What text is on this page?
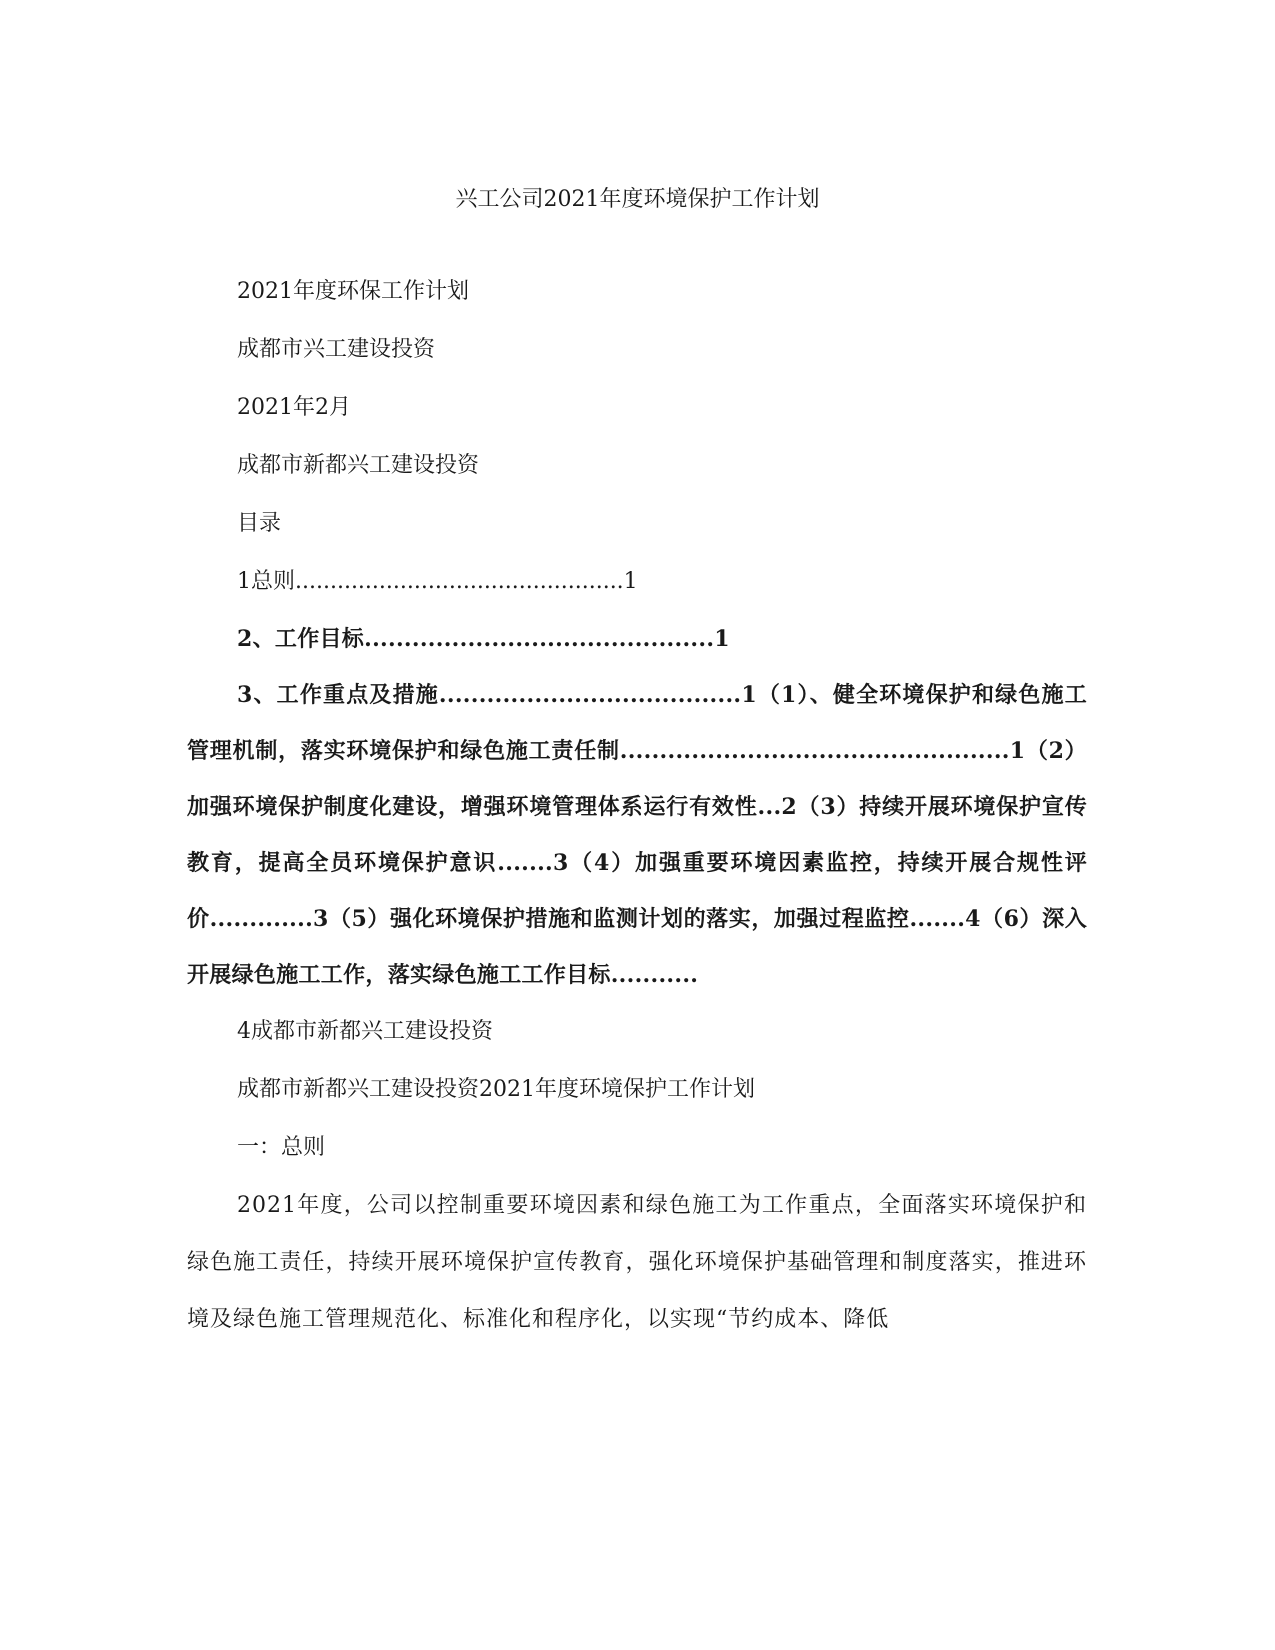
兴工公司2021年度环境保护工作计划

2021年度环保工作计划

成都市兴工建设投资

2021年2月

成都市新都兴工建设投资

目录

1总则...............................................1

2、工作目标............................................1

3、工作重点及措施......................................1（1）、健全环境保护和绿色施工管理机制，落实环境保护和绿色施工责任制.................................................1（2）加强环境保护制度化建设，增强环境管理体系运行有效性...2（3）持续开展环境保护宣传教育，提高全员环境保护意识.......3（4）加强重要环境因素监控，持续开展合规性评价.............3（5）强化环境保护措施和监测计划的落实，加强过程监控.......4（6）深入开展绿色施工工作，落实绿色施工工作目标...........

4成都市新都兴工建设投资

成都市新都兴工建设投资2021年度环境保护工作计划

一：总则

2021年度，公司以控制重要环境因素和绿色施工为工作重点，全面落实环境保护和绿色施工责任，持续开展环境保护宣传教育，强化环境保护基础管理和制度落实，推进环境及绿色施工管理规范化、标准化和程序化，以实现“节约成本、降低
